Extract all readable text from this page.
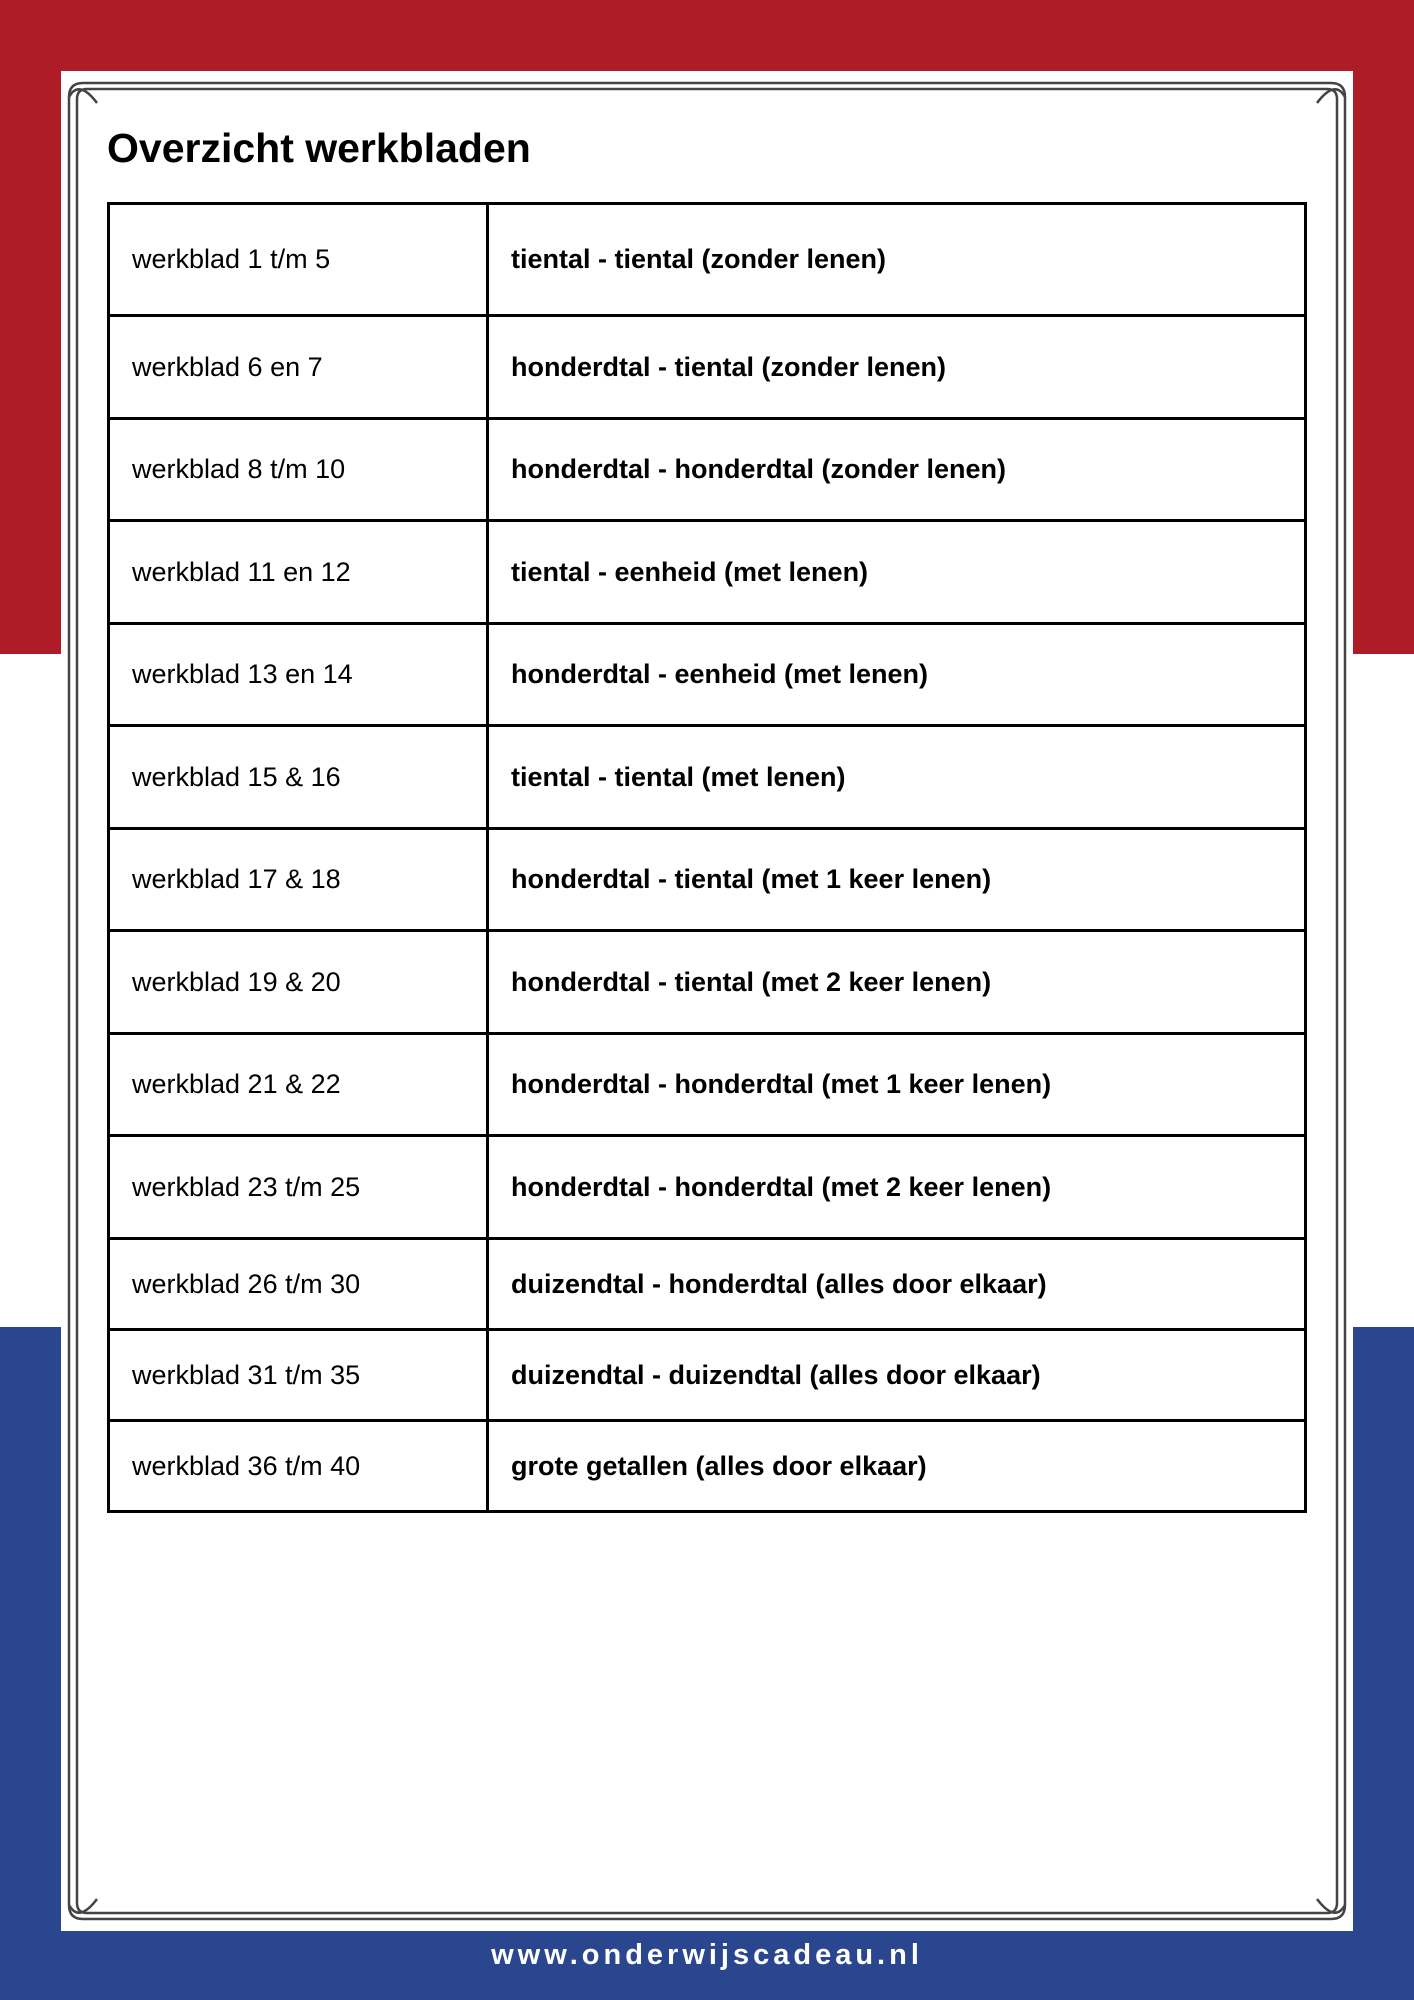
Overzicht werkbladen
werkblad 1 t/m 5	tiental - tiental (zonder lenen)
werkblad 6 en 7	honderdtal - tiental (zonder lenen)
werkblad 8 t/m 10	honderdtal - honderdtal (zonder lenen)
werkblad 11 en 12	tiental - eenheid (met lenen)
werkblad 13 en 14	honderdtal - eenheid (met lenen)
werkblad 15 & 16	tiental - tiental (met lenen)
werkblad 17 & 18	honderdtal - tiental (met 1 keer lenen)
werkblad 19 & 20	honderdtal - tiental (met 2 keer lenen)
werkblad 21 & 22	honderdtal - honderdtal (met 1 keer lenen)
werkblad 23 t/m 25	honderdtal - honderdtal (met 2 keer lenen)
werkblad 26 t/m 30	duizendtal - honderdtal (alles door elkaar)
werkblad 31 t/m 35	duizendtal - duizendtal (alles door elkaar)
werkblad 36 t/m 40	grote getallen (alles door elkaar)
www.onderwijscadeau.nl
